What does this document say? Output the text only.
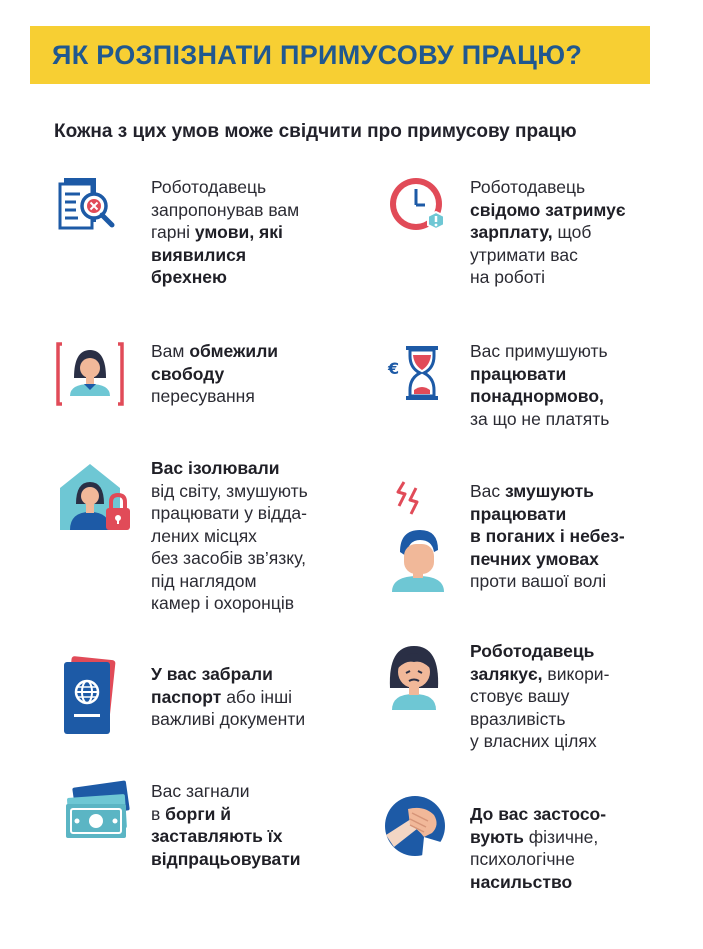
ЯК РОЗПІЗНАТИ ПРИМУСОВУ ПРАЦЮ?
Кожна з цих умов може свідчити про примусову працю
Роботодавець
запропонував вам
гарні умови, які
виявилися
брехнею
Роботодавець
свідомо затримує
зарплату, щоб
утримати вас
на роботі
Вам обмежили
свободу
пересування
€
Вас примушують
працювати
понаднормово,
за що не платять
Вас ізолювали
від світу, змушують
працювати у відда-
лених місцях
без засобів зв’язку,
під наглядом
камер і охоронців
Вас змушують
працювати
в поганих і небез-
печних умовах
проти вашої волі
У вас забрали
паспорт або інші
важливі документи
Роботодавець
залякує, викори-
стовує вашу
вразливість
у власних цілях
Вас загнали
в борги й
заставляють їх
відпрацьовувати
До вас застосо-
вують фізичне,
психологічне
насильство
